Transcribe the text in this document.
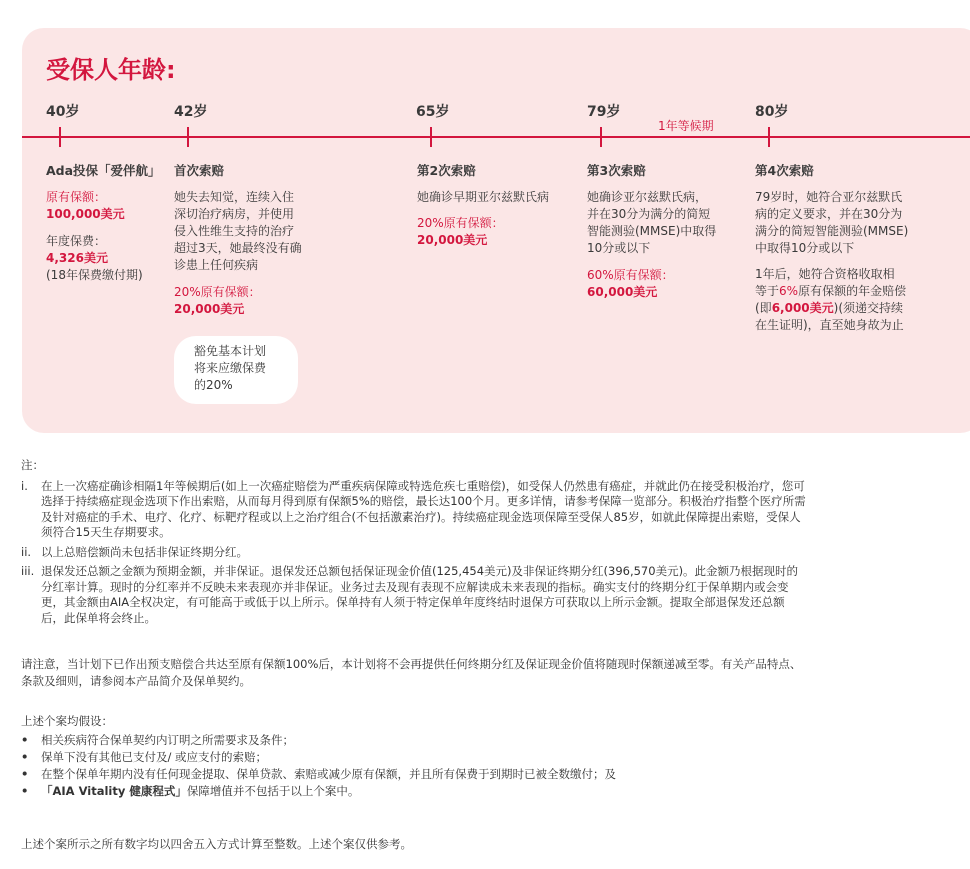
受保人年龄:
40岁	42岁	65岁	79岁	80岁
1年等候期
Ada投保「爱伴航」
原有保额：
100,000美元
年度保费：
4,326美元
(18年保费缴付期)
首次索赔
她失去知觉，连续入住
深切治疗病房，并使用
侵入性维生支持的治疗
超过3天，她最终没有确
诊患上任何疾病
20%原有保额：
20,000美元
豁免基本计划
将来应缴保费
的20%
第2次索赔
她确诊早期亚尔兹默氏病
20%原有保额：
20,000美元
第3次索赔
她确诊亚尔兹默氏病，
并在30分为满分的简短
智能测验(MMSE)中取得
10分或以下
60%原有保额：
60,000美元
第4次索赔
79岁时，她符合亚尔兹默氏
病的定义要求，并在30分为
满分的简短智能测验(MMSE)
中取得10分或以下
1年后，她符合资格收取相
等于6%原有保额的年金赔偿
(即6,000美元)(须递交持续
在生证明)，直至她身故为止
注：
i.	在上一次癌症确诊相隔1年等候期后(如上一次癌症赔偿为严重疾病保障或特选危疾七重赔偿)，如受保人仍然患有癌症，并就此仍在接受积极治疗，您可
选择于持续癌症现金选项下作出索赔，从而每月得到原有保额5%的赔偿，最长达100个月。更多详情，请参考保障一览部分。积极治疗指整个医疗所需
及针对癌症的手术、电疗、化疗、标靶疗程或以上之治疗组合(不包括激素治疗)。持续癌症现金选项保障至受保人85岁，如就此保障提出索赔，受保人
须符合15天生存期要求。
ii. 以上总赔偿额尚未包括非保证终期分红。
iii. 退保发还总额之金额为预期金额，并非保证。退保发还总额包括保证现金价值(125,454美元)及非保证终期分红(396,570美元)。此金额乃根据现时的
分红率计算。现时的分红率并不反映未来表现亦并非保证。业务过去及现有表现不应解读成未来表现的指标。确实支付的终期分红于保单期内或会变
更，其金额由AIA全权决定，有可能高于或低于以上所示。保单持有人须于特定保单年度终结时退保方可获取以上所示金额。提取全部退保发还总额
后，此保单将会终止。
请注意，当计划下已作出预支赔偿合共达至原有保额100%后，本计划将不会再提供任何终期分红及保证现金价值将随现时保额递减至零。有关产品特点、
条款及细则，请参阅本产品简介及保单契约。
上述个案均假设：
•	相关疾病符合保单契约内订明之所需要求及条件；
•	保单下没有其他已支付及/ 或应支付的索赔；
•	在整个保单年期内没有任何现金提取、保单贷款、索赔或减少原有保额，并且所有保费于到期时已被全数缴付；及
•	「AIA Vitality 健康程式」保障增值并不包括于以上个案中。
上述个案所示之所有数字均以四舍五入方式计算至整数。上述个案仅供参考。
